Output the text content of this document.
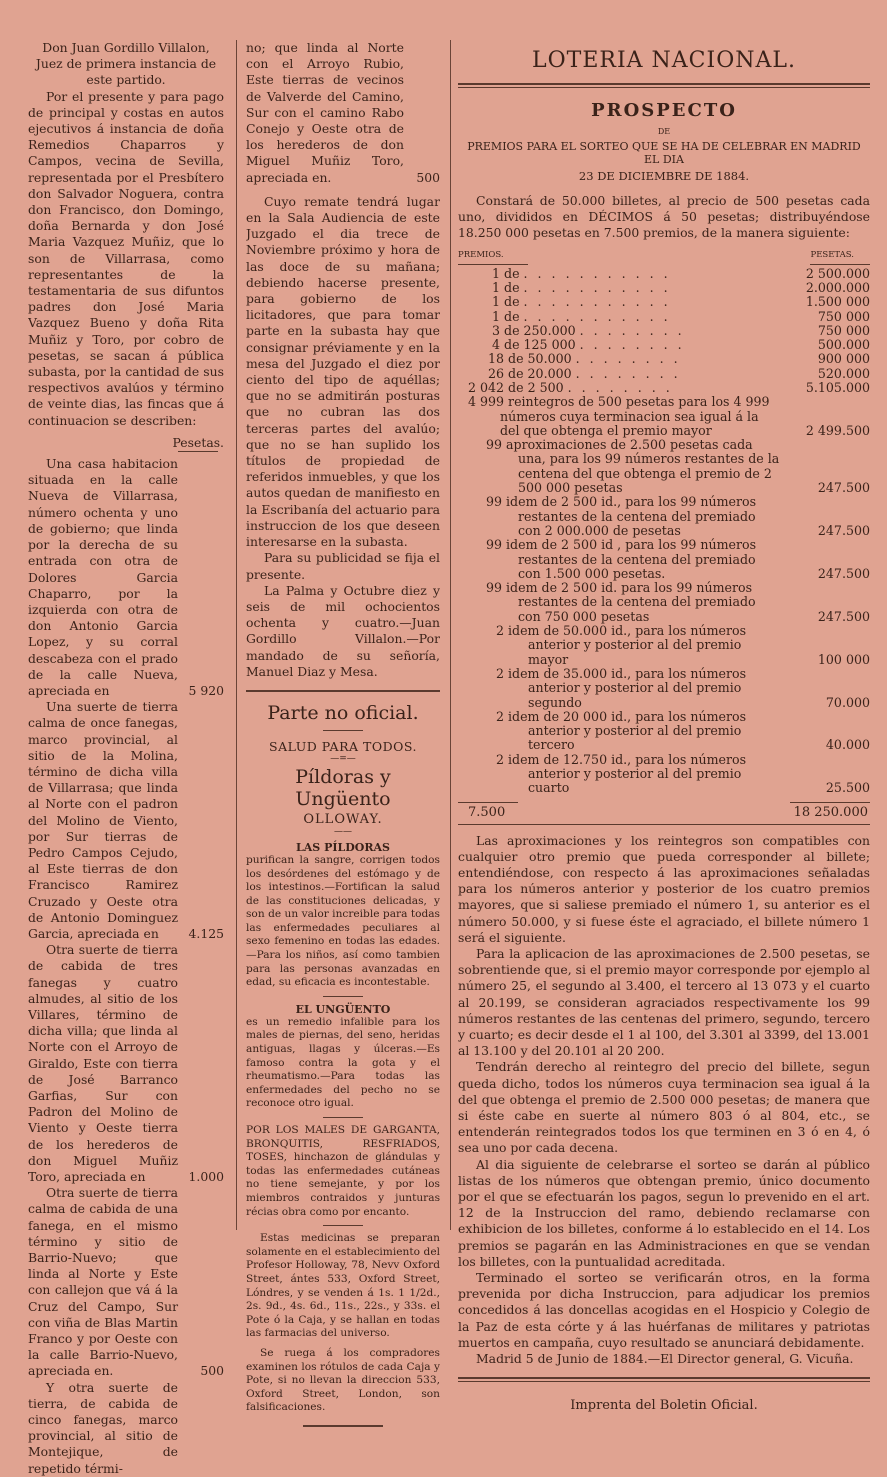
Don Juan Gordillo Villalon, Juez de primera instancia de este partido.

Por el presente y para pago de principal y costas en autos ejecutivos á instancia de doña Remedios Chaparros y Campos, vecina de Sevilla, representada por el Presbítero don Salvador Noguera, contra don Francisco, don Domingo, doña Bernarda y don José Maria Vazquez Muñiz, que lo son de Villarrasa, como representantes de la testamentaria de sus difuntos padres don José Maria Vazquez Bueno y doña Rita Muñiz y Toro, por cobro de pesetas, se sacan á pública subasta, por la cantidad de sus respectivos avalúos y término de veinte dias, las fincas que á continuacion se describen:

Pesetas.

Una casa habitacion situada en la calle Nueva de Villarrasa, número ochenta y uno de gobierno; que linda por la derecha de su entrada con otra de Dolores Garcia Chaparro, por la izquierda con otra de don Antonio Garcia Lopez, y su corral descabeza con el prado de la calle Nueva, apreciada en	5 920

Una suerte de tierra calma de once fanegas, marco provincial, al sitio de la Molina, término de dicha villa de Villarrasa; que linda al Norte con el padron del Molino de Viento, por Sur tierras de Pedro Campos Cejudo, al Este tierras de don Francisco Ramirez Cruzado y Oeste otra de Antonio Dominguez Garcia, apreciada en	4.125

Otra suerte de tierra de cabida de tres fanegas y cuatro almudes, al sitio de los Villares, término de dicha villa; que linda al Norte con el Arroyo de Giraldo, Este con tierra de José Barranco Garfias, Sur con Padron del Molino de Viento y Oeste tierra de los herederos de don Miguel Muñiz Toro, apreciada en	1.000

Otra suerte de tierra calma de cabida de una fanega, en el mismo término y sitio de Barrio-Nuevo; que linda al Norte y Este con callejon que vá á la Cruz del Campo, Sur con viña de Blas Martin Franco y por Oeste con la calle Barrio-Nuevo, apreciada en.	500

Y otra suerte de tierra, de cabida de cinco fanegas, marco provincial, al sitio de Montejique, de repetido térmi-

no; que linda al Norte con el Arroyo Rubio, Este tierras de vecinos de Valverde del Camino, Sur con el camino Rabo Conejo y Oeste otra de los herederos de don Miguel Muñiz Toro, apreciada en.	500

Cuyo remate tendrá lugar en la Sala Audiencia de este Juzgado el dia trece de Noviembre próximo y hora de las doce de su mañana; debiendo hacerse presente, para gobierno de los licitadores, que para tomar parte en la subasta hay que consignar préviamente y en la mesa del Juzgado el diez por ciento del tipo de aquéllas; que no se admitirán posturas que no cubran las dos terceras partes del avalúo; que no se han suplido los títulos de propiedad de referidos inmuebles, y que los autos quedan de manifiesto en la Escribanía del actuario para instruccion de los que deseen interesarse en la subasta.

Para su publicidad se fija el presente.

La Palma y Octubre diez y seis de mil ochocientos ochenta y cuatro.—Juan Gordillo Villalon.—Por mandado de su señoría, Manuel Diaz y Mesa.

Parte no oficial.

SALUD PARA TODOS.

—=—

Píldoras y Ungüento

OLLOWAY.

——

LAS PÍLDORAS

purifican la sangre, corrigen todos los desórdenes del estómago y de los intestinos.—Fortifican la salud de las constituciones delicadas, y son de un valor increible para todas las enfermedades peculiares al sexo femenino en todas las edades.—Para los niños, así como tambien para las personas avanzadas en edad, su eficacia es incontestable.

EL UNGÜENTO

es un remedio infalible para los males de piernas, del seno, heridas antiguas, llagas y úlceras.—Es famoso contra la gota y el rheumatismo.—Para todas las enfermedades del pecho no se reconoce otro igual.

POR LOS MALES DE GARGANTA, BRONQUITIS, RESFRIADOS, TOSES, hinchazon de glándulas y todas las enfermedades cutáneas no tiene semejante, y por los miembros contraidos y junturas récias obra como por encanto.

Estas medicinas se preparan solamente en el establecimiento del Profesor Holloway, 78, Nevv Oxford Street, ántes 533, Oxford Street, Lóndres, y se venden á 1s. 1 1/2d., 2s. 9d., 4s. 6d., 11s., 22s., y 33s. el Pote ó la Caja, y se hallan en todas las farmacias del universo.

Se ruega á los compradores examinen los rótulos de cada Caja y Pote, si no llevan la direccion 533, Oxford Street, London, son falsificaciones.

LOTERIA NACIONAL.
PROSPECTO

DE

PREMIOS PARA EL SORTEO QUE SE HA DE CELEBRAR EN MADRID EL DIA

23 DE DICIEMBRE DE 1884.

Constará de 50.000 billetes, al precio de 500 pesetas cada uno, divididos en DÉCIMOS á 50 pesetas; distribuyéndose 18.250 000 pesetas en 7.500 premios, de la manera siguiente:

PREMIOS.	PESETAS.
1 de . . . . . . . . . . .	2 500.000
1 de . . . . . . . . . . .	2.000.000
1 de . . . . . . . . . . .	1.500 000
1 de . . . . . . . . . . .	750 000
3 de 250.000 . . . . . . . .	750 000
4 de 125 000 . . . . . . . .	500.000
18 de 50.000 . . . . . . . .	900 000
26 de 20.000 . . . . . . . .	520.000
2 042 de 2 500 . . . . . . . .	5.105.000
4 999 reintegros de 500 pesetas para los 4 999 números cuya terminacion sea igual á la del que obtenga el premio mayor	2 499.500
99 aproximaciones de 2.500 pesetas cada una, para los 99 números restantes de la centena del que obtenga el premio de 2 500 000 pesetas	247.500
99 idem de 2 500 id., para los 99 números restantes de la centena del premiado con 2 000.000 de pesetas	247.500
99 idem de 2 500 id , para los 99 números restantes de la centena del premiado con 1.500 000 pesetas.	247.500
99 idem de 2 500 id. para los 99 números restantes de la centena del premiado con 750 000 pesetas	247.500
2 idem de 50.000 id., para los números anterior y posterior al del premio mayor	100 000
2 idem de 35.000 id., para los números anterior y posterior al del premio segundo	70.000
2 idem de 20 000 id., para los números anterior y posterior al del premio tercero	40.000
2 idem de 12.750 id., para los números anterior y posterior al del premio cuarto	25.500
7.500	18 250.000

Las aproximaciones y los reintegros son compatibles con cualquier otro premio que pueda corresponder al billete; entendiéndose, con respecto á las aproximaciones señaladas para los números anterior y posterior de los cuatro premios mayores, que si saliese premiado el número 1, su anterior es el número 50.000, y si fuese éste el agraciado, el billete número 1 será el siguiente.

Para la aplicacion de las aproximaciones de 2.500 pesetas, se sobrentiende que, si el premio mayor corresponde por ejemplo al número 25, el segundo al 3.400, el tercero al 13 073 y el cuarto al 20.199, se consideran agraciados respectivamente los 99 números restantes de las centenas del primero, segundo, tercero y cuarto; es decir desde el 1 al 100, del 3.301 al 3399, del 13.001 al 13.100 y del 20.101 al 20 200.

Tendrán derecho al reintegro del precio del billete, segun queda dicho, todos los números cuya terminacion sea igual á la del que obtenga el premio de 2.500 000 pesetas; de manera que si éste cabe en suerte al número 803 ó al 804, etc., se entenderán reintegrados todos los que terminen en 3 ó en 4, ó sea uno por cada decena.

Al dia siguiente de celebrarse el sorteo se darán al público listas de los números que obtengan premio, único documento por el que se efectuarán los pagos, segun lo prevenido en el art. 12 de la Instruccion del ramo, debiendo reclamarse con exhibicion de los billetes, conforme á lo establecido en el 14. Los premios se pagarán en las Administraciones en que se vendan los billetes, con la puntualidad acreditada.

Terminado el sorteo se verificarán otros, en la forma prevenida por dicha Instruccion, para adjudicar los premios concedidos á las doncellas acogidas en el Hospicio y Colegio de la Paz de esta córte y á las huérfanas de militares y patriotas muertos en campaña, cuyo resultado se anunciará debidamente.

Madrid 5 de Junio de 1884.—El Director general, G. Vicuña.

Imprenta del Boletin Oficial.
